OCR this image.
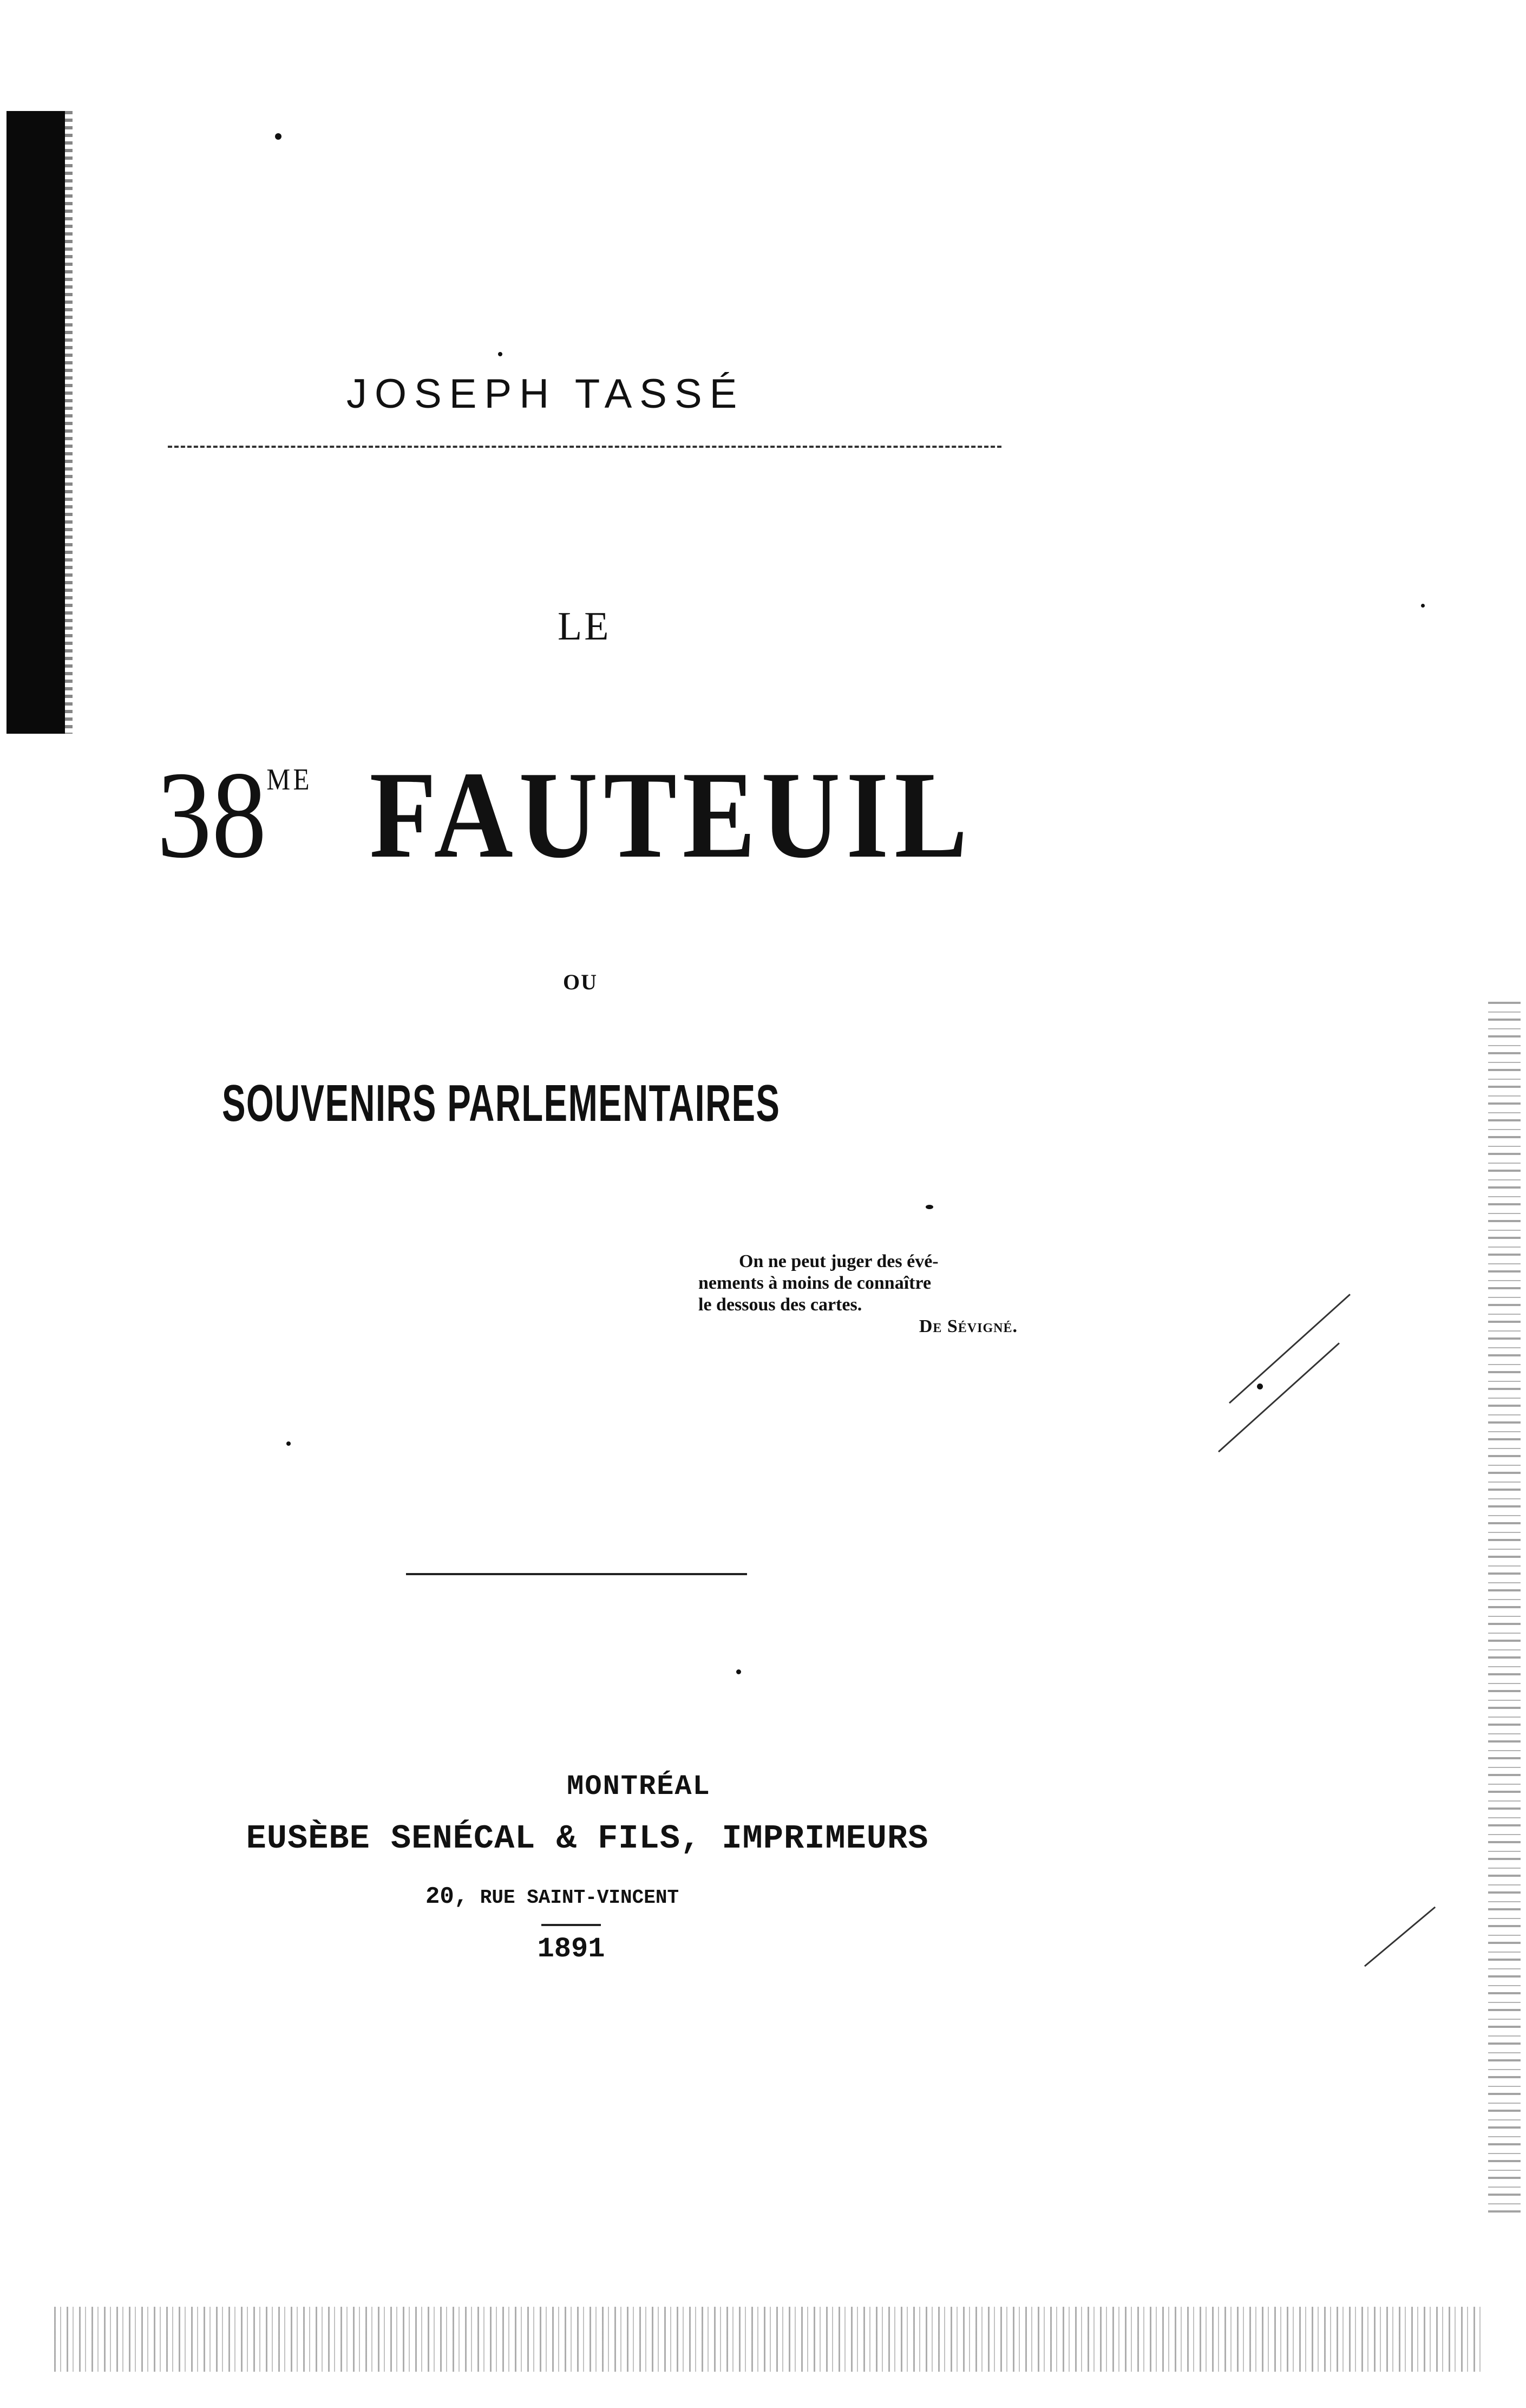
JOSEPH TASSÉ
LE
$38^{ME}$ FAUTEUIL
OU
SOUVENIRS PARLEMENTAIRES
On ne peut juger des évé-
nements à moins de connaître
le dessous des cartes.
De Sévigné.
MONTRÉAL
EUSÈBE SENÉCAL & FILS, IMPRIMEURS
20, RUE SAINT-VINCENT
1891
